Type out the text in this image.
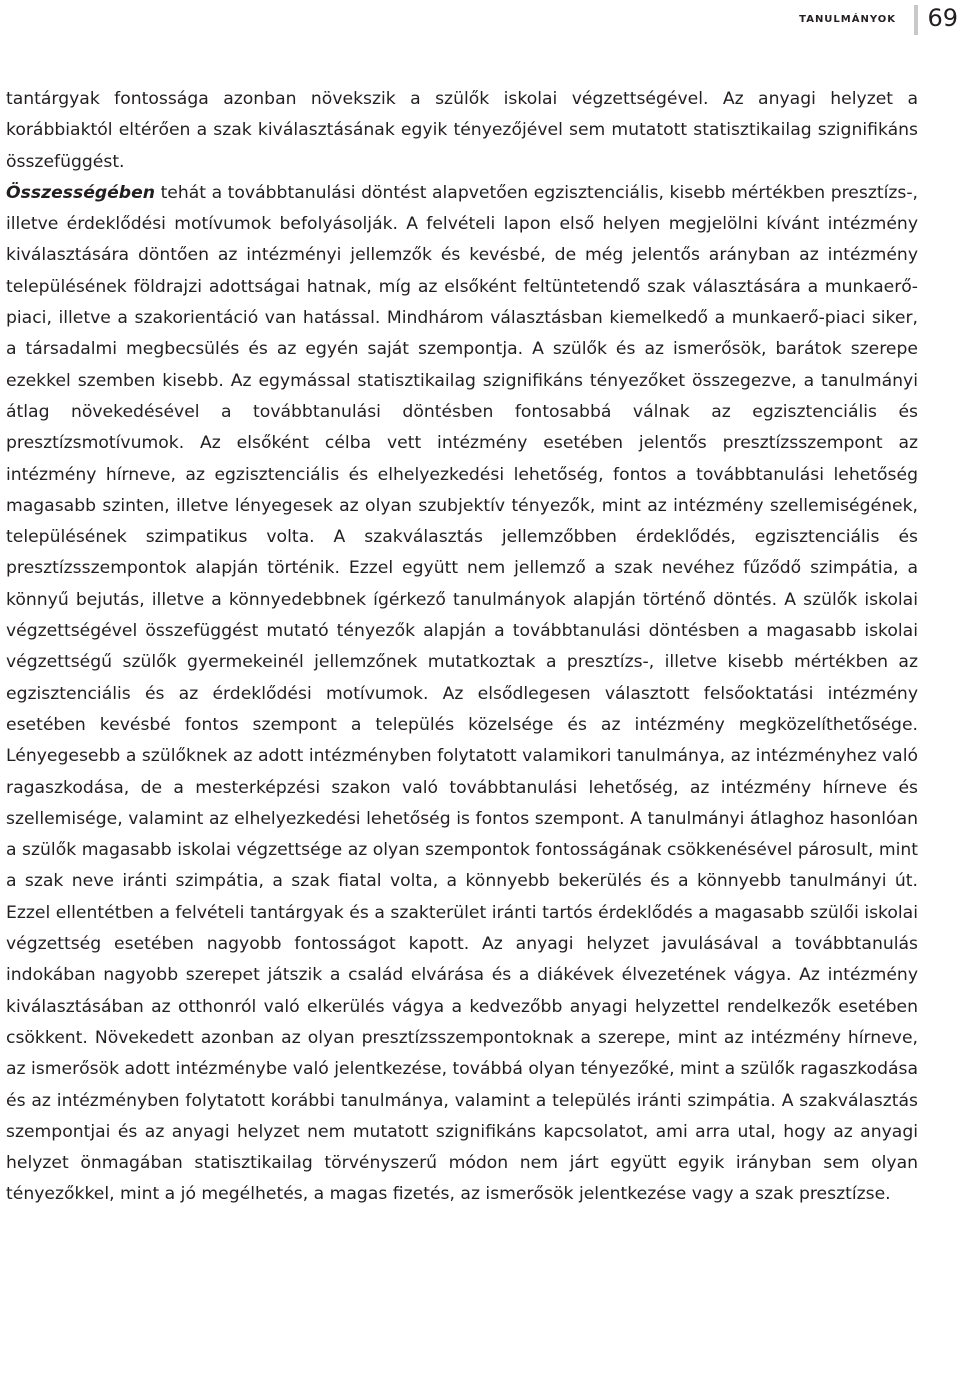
tanulmányok 69

tantárgyak fontossága azonban növekszik a szülők iskolai végzettségével. Az anyagi helyzet a korábbiaktól eltérően a szak kiválasztásának egyik tényezőjével sem mutatott statisztikailag szignifikáns összefüggést.
Összességében tehát a továbbtanulási döntést alapvetően egzisztenciális, kisebb mértékben presztízs-, illetve érdeklődési motívumok befolyásolják. A felvételi lapon első helyen megjelölni kívánt intézmény kiválasztására döntően az intézményi jellemzők és kevésbé, de még jelentős arányban az intézmény településének földrajzi adottságai hatnak, míg az elsőként feltüntetendő szak választására a munkaerő-piaci, illetve a szakorientáció van hatással. Mindhárom választásban kiemelkedő a munkaerő-piaci siker, a társadalmi megbecsülés és az egyén saját szempontja. A szülők és az ismerősök, barátok szerepe ezekkel szemben kisebb. Az egymással statisztikailag szignifikáns tényezőket összegezve, a tanulmányi átlag növekedésével a továbbtanulási döntésben fontosabbá válnak az egzisztenciális és presztízsmotívumok. Az elsőként célba vett intézmény esetében jelentős presztízsszempont az intézmény hírneve, az egzisztenciális és elhelyezkedési lehetőség, fontos a továbbtanulási lehetőség magasabb szinten, illetve lényegesek az olyan szubjektív tényezők, mint az intézmény szellemiségének, településének szimpatikus volta. A szakválasztás jellemzőbben érdeklődés, egzisztenciális és presztízsszempontok alapján történik. Ezzel együtt nem jellemző a szak nevéhez fűződő szimpátia, a könnyű bejutás, illetve a könnyedebbnek ígérkező tanulmányok alapján történő döntés. A szülők iskolai végzettségével összefüggést mutató tényezők alapján a továbbtanulási döntésben a magasabb iskolai végzettségű szülők gyermekeinél jellemzőnek mutatkoztak a presztízs-, illetve kisebb mértékben az egzisztenciális és az érdeklődési motívumok. Az elsődlegesen választott felsőoktatási intézmény esetében kevésbé fontos szempont a település közelsége és az intézmény megközelíthetősége. Lényegesebb a szülőknek az adott intézményben folytatott valamikori tanulmánya, az intézményhez való ragaszkodása, de a mesterképzési szakon való továbbtanulási lehetőség, az intézmény hírneve és szellemisége, valamint az elhelyezkedési lehetőség is fontos szempont. A tanulmányi átlaghoz hasonlóan a szülők magasabb iskolai végzettsége az olyan szempontok fontosságának csökkenésével párosult, mint a szak neve iránti szimpátia, a szak fiatal volta, a könnyebb bekerülés és a könnyebb tanulmányi út. Ezzel ellentétben a felvételi tantárgyak és a szakterület iránti tartós érdeklődés a magasabb szülői iskolai végzettség esetében nagyobb fontosságot kapott. Az anyagi helyzet javulásával a továbbtanulás indokában nagyobb szerepet játszik a család elvárása és a diákévek élvezetének vágya. Az intézmény kiválasztásában az otthonról való elkerülés vágya a kedvezőbb anyagi helyzettel rendelkezők esetében csökkent. Növekedett azonban az olyan presztízsszempontoknak a szerepe, mint az intézmény hírneve, az ismerősök adott intézménybe való jelentkezése, továbbá olyan tényezőké, mint a szülők ragaszkodása és az intézményben folytatott korábbi tanulmánya, valamint a település iránti szimpátia. A szakválasztás szempontjai és az anyagi helyzet nem mutatott szignifikáns kapcsolatot, ami arra utal, hogy az anyagi helyzet önmagában statisztikailag törvényszerű módon nem járt együtt egyik irányban sem olyan tényezőkkel, mint a jó megélhetés, a magas fizetés, az ismerősök jelentkezése vagy a szak presztízse.
